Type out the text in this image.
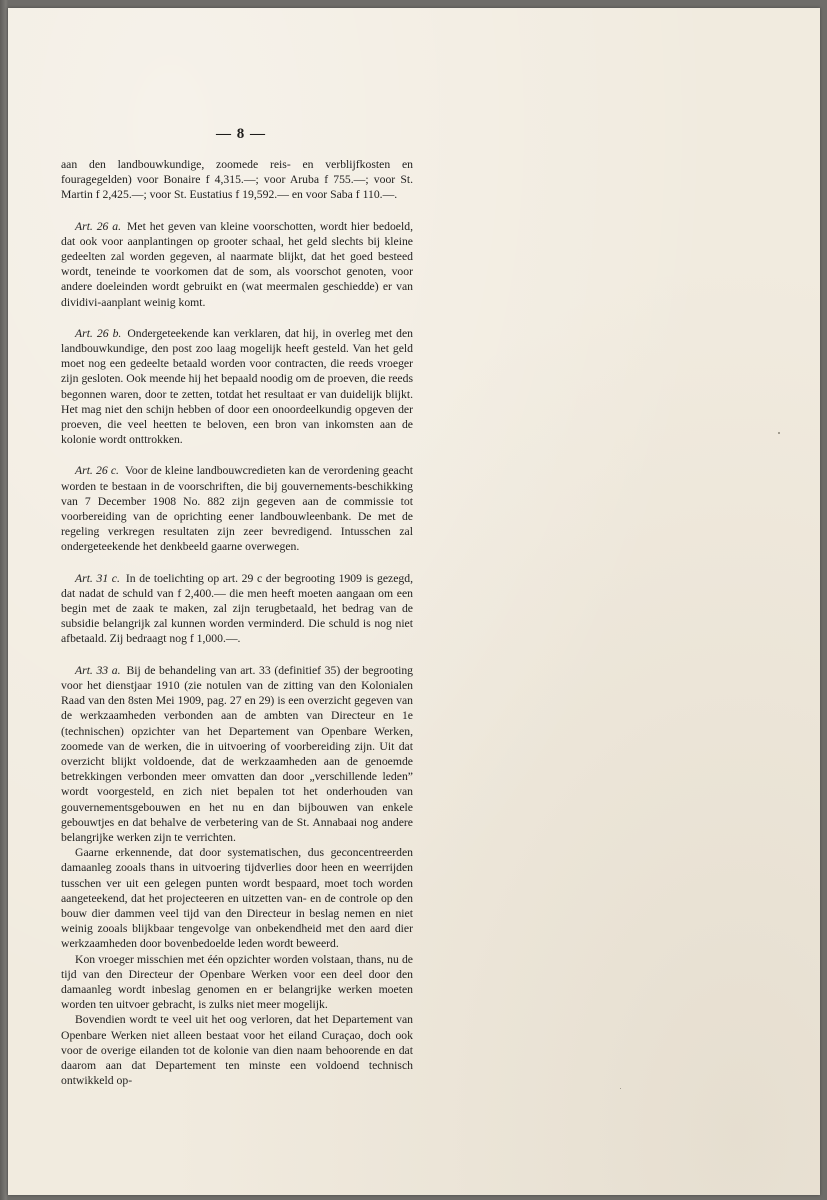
— 8 —

aan den landbouwkundige, zoomede reis- en verblijfkosten en fouragegelden) voor Bonaire f 4,315.—; voor Aruba f 755.—; voor St. Martin f 2,425.—; voor St. Eustatius f 19,592.— en voor Saba f 110.—.

Art. 26 a. Met het geven van kleine voorschotten, wordt hier bedoeld, dat ook voor aanplantingen op grooter schaal, het geld slechts bij kleine gedeelten zal worden gegeven, al naarmate blijkt, dat het goed besteed wordt, teneinde te voorkomen dat de som, als voorschot genoten, voor andere doeleinden wordt gebruikt en (wat meermalen geschiedde) er van dividivi-aanplant weinig komt.

Art. 26 b. Ondergeteekende kan verklaren, dat hij, in overleg met den landbouwkundige, den post zoo laag mogelijk heeft gesteld. Van het geld moet nog een gedeelte betaald worden voor contracten, die reeds vroeger zijn gesloten. Ook meende hij het bepaald noodig om de proeven, die reeds begonnen waren, door te zetten, totdat het resultaat er van duidelijk blijkt. Het mag niet den schijn hebben of door een onoordeelkundig opgeven der proeven, die veel heetten te beloven, een bron van inkomsten aan de kolonie wordt onttrokken.

Art. 26 c. Voor de kleine landbouwcredieten kan de verordening geacht worden te bestaan in de voorschriften, die bij gouvernements-beschikking van 7 December 1908 No. 882 zijn gegeven aan de commissie tot voorbereiding van de oprichting eener landbouwleenbank. De met de regeling verkregen resultaten zijn zeer bevredigend. Intusschen zal ondergeteekende het denkbeeld gaarne overwegen.

Art. 31 c. In de toelichting op art. 29 c der begrooting 1909 is gezegd, dat nadat de schuld van f 2,400.— die men heeft moeten aangaan om een begin met de zaak te maken, zal zijn terugbetaald, het bedrag van de subsidie belangrijk zal kunnen worden verminderd. Die schuld is nog niet afbetaald. Zij bedraagt nog f 1,000.—.

Art. 33 a. Bij de behandeling van art. 33 (definitief 35) der begrooting voor het dienstjaar 1910 (zie notulen van de zitting van den Kolonialen Raad van den 8sten Mei 1909, pag. 27 en 29) is een overzicht gegeven van de werkzaamheden verbonden aan de ambten van Directeur en 1e (technischen) opzichter van het Departement van Openbare Werken, zoomede van de werken, die in uitvoering of voorbereiding zijn. Uit dat overzicht blijkt voldoende, dat de werkzaamheden aan de genoemde betrekkingen verbonden meer omvatten dan door „verschillende leden” wordt voorgesteld, en zich niet bepalen tot het onderhouden van gouvernementsgebouwen en het nu en dan bijbouwen van enkele gebouwtjes en dat behalve de verbetering van de St. Annabaai nog andere belangrijke werken zijn te verrichten.

Gaarne erkennende, dat door systematischen, dus geconcentreerden damaanleg zooals thans in uitvoering tijdverlies door heen en weerrijden tusschen ver uit een gelegen punten wordt bespaard, moet toch worden aangeteekend, dat het projecteeren en uitzetten van- en de controle op den bouw dier dammen veel tijd van den Directeur in beslag nemen en niet weinig zooals blijkbaar tengevolge van onbekendheid met den aard dier werkzaamheden door bovenbedoelde leden wordt beweerd.

Kon vroeger misschien met één opzichter worden volstaan, thans, nu de tijd van den Directeur der Openbare Werken voor een deel door den damaanleg wordt inbeslag genomen en er belangrijke werken moeten worden ten uitvoer gebracht, is zulks niet meer mogelijk.

Bovendien wordt te veel uit het oog verloren, dat het Departement van Openbare Werken niet alleen bestaat voor het eiland Curaçao, doch ook voor de overige eilanden tot de kolonie van dien naam behoorende en dat daarom aan dat Departement ten minste een voldoend technisch ontwikkeld op-
